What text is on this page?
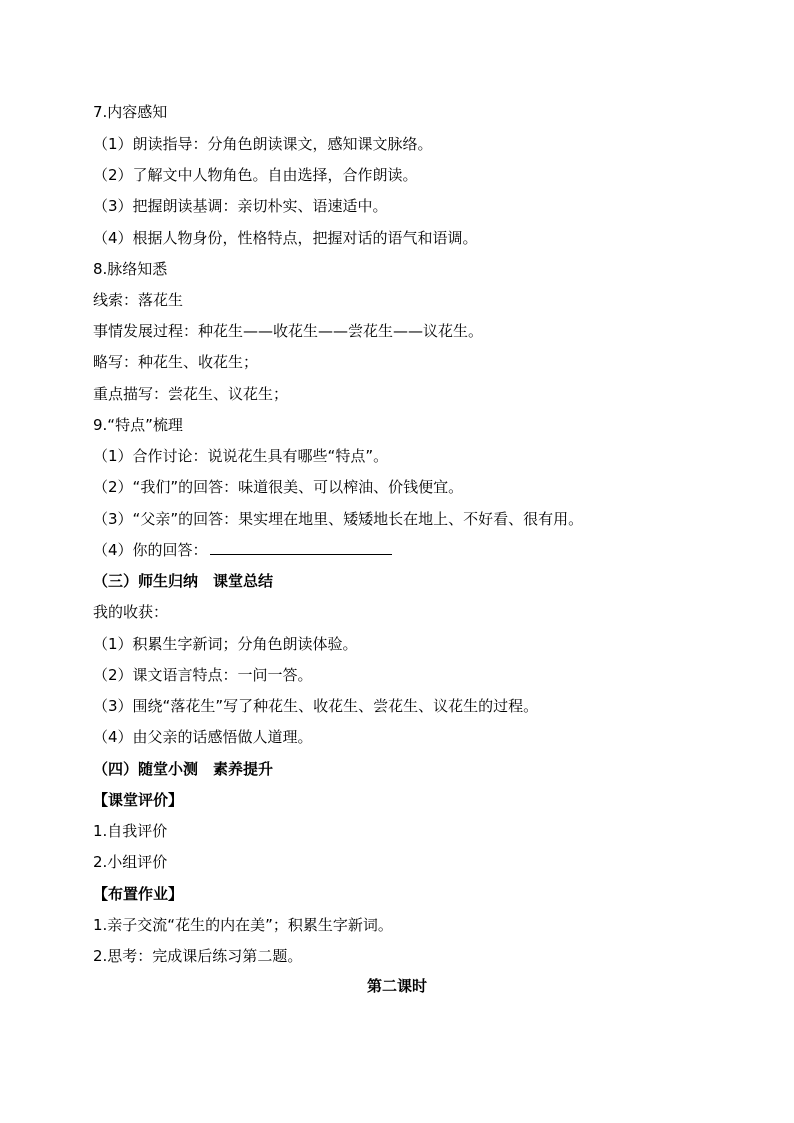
7.内容感知
（1）朗读指导：分角色朗读课文，感知课文脉络。
（2）了解文中人物角色。自由选择，合作朗读。
（3）把握朗读基调：亲切朴实、语速适中。
（4）根据人物身份，性格特点，把握对话的语气和语调。
8.脉络知悉
线索：落花生
事情发展过程：种花生——收花生——尝花生——议花生。
略写：种花生、收花生；
重点描写：尝花生、议花生；
9.“特点”梳理
（1）合作讨论：说说花生具有哪些“特点”。
（2）“我们”的回答：味道很美、可以榨油、价钱便宜。
（3）“父亲”的回答：果实埋在地里、矮矮地长在地上、不好看、很有用。
（4）你的回答：
（三）师生归纳　课堂总结
我的收获：
（1）积累生字新词；分角色朗读体验。
（2）课文语言特点：一问一答。
（3）围绕“落花生”写了种花生、收花生、尝花生、议花生的过程。
（4）由父亲的话感悟做人道理。
（四）随堂小测　素养提升
【课堂评价】
1.自我评价
2.小组评价
【布置作业】
1.亲子交流“花生的内在美”；积累生字新词。
2.思考：完成课后练习第二题。
第二课时
